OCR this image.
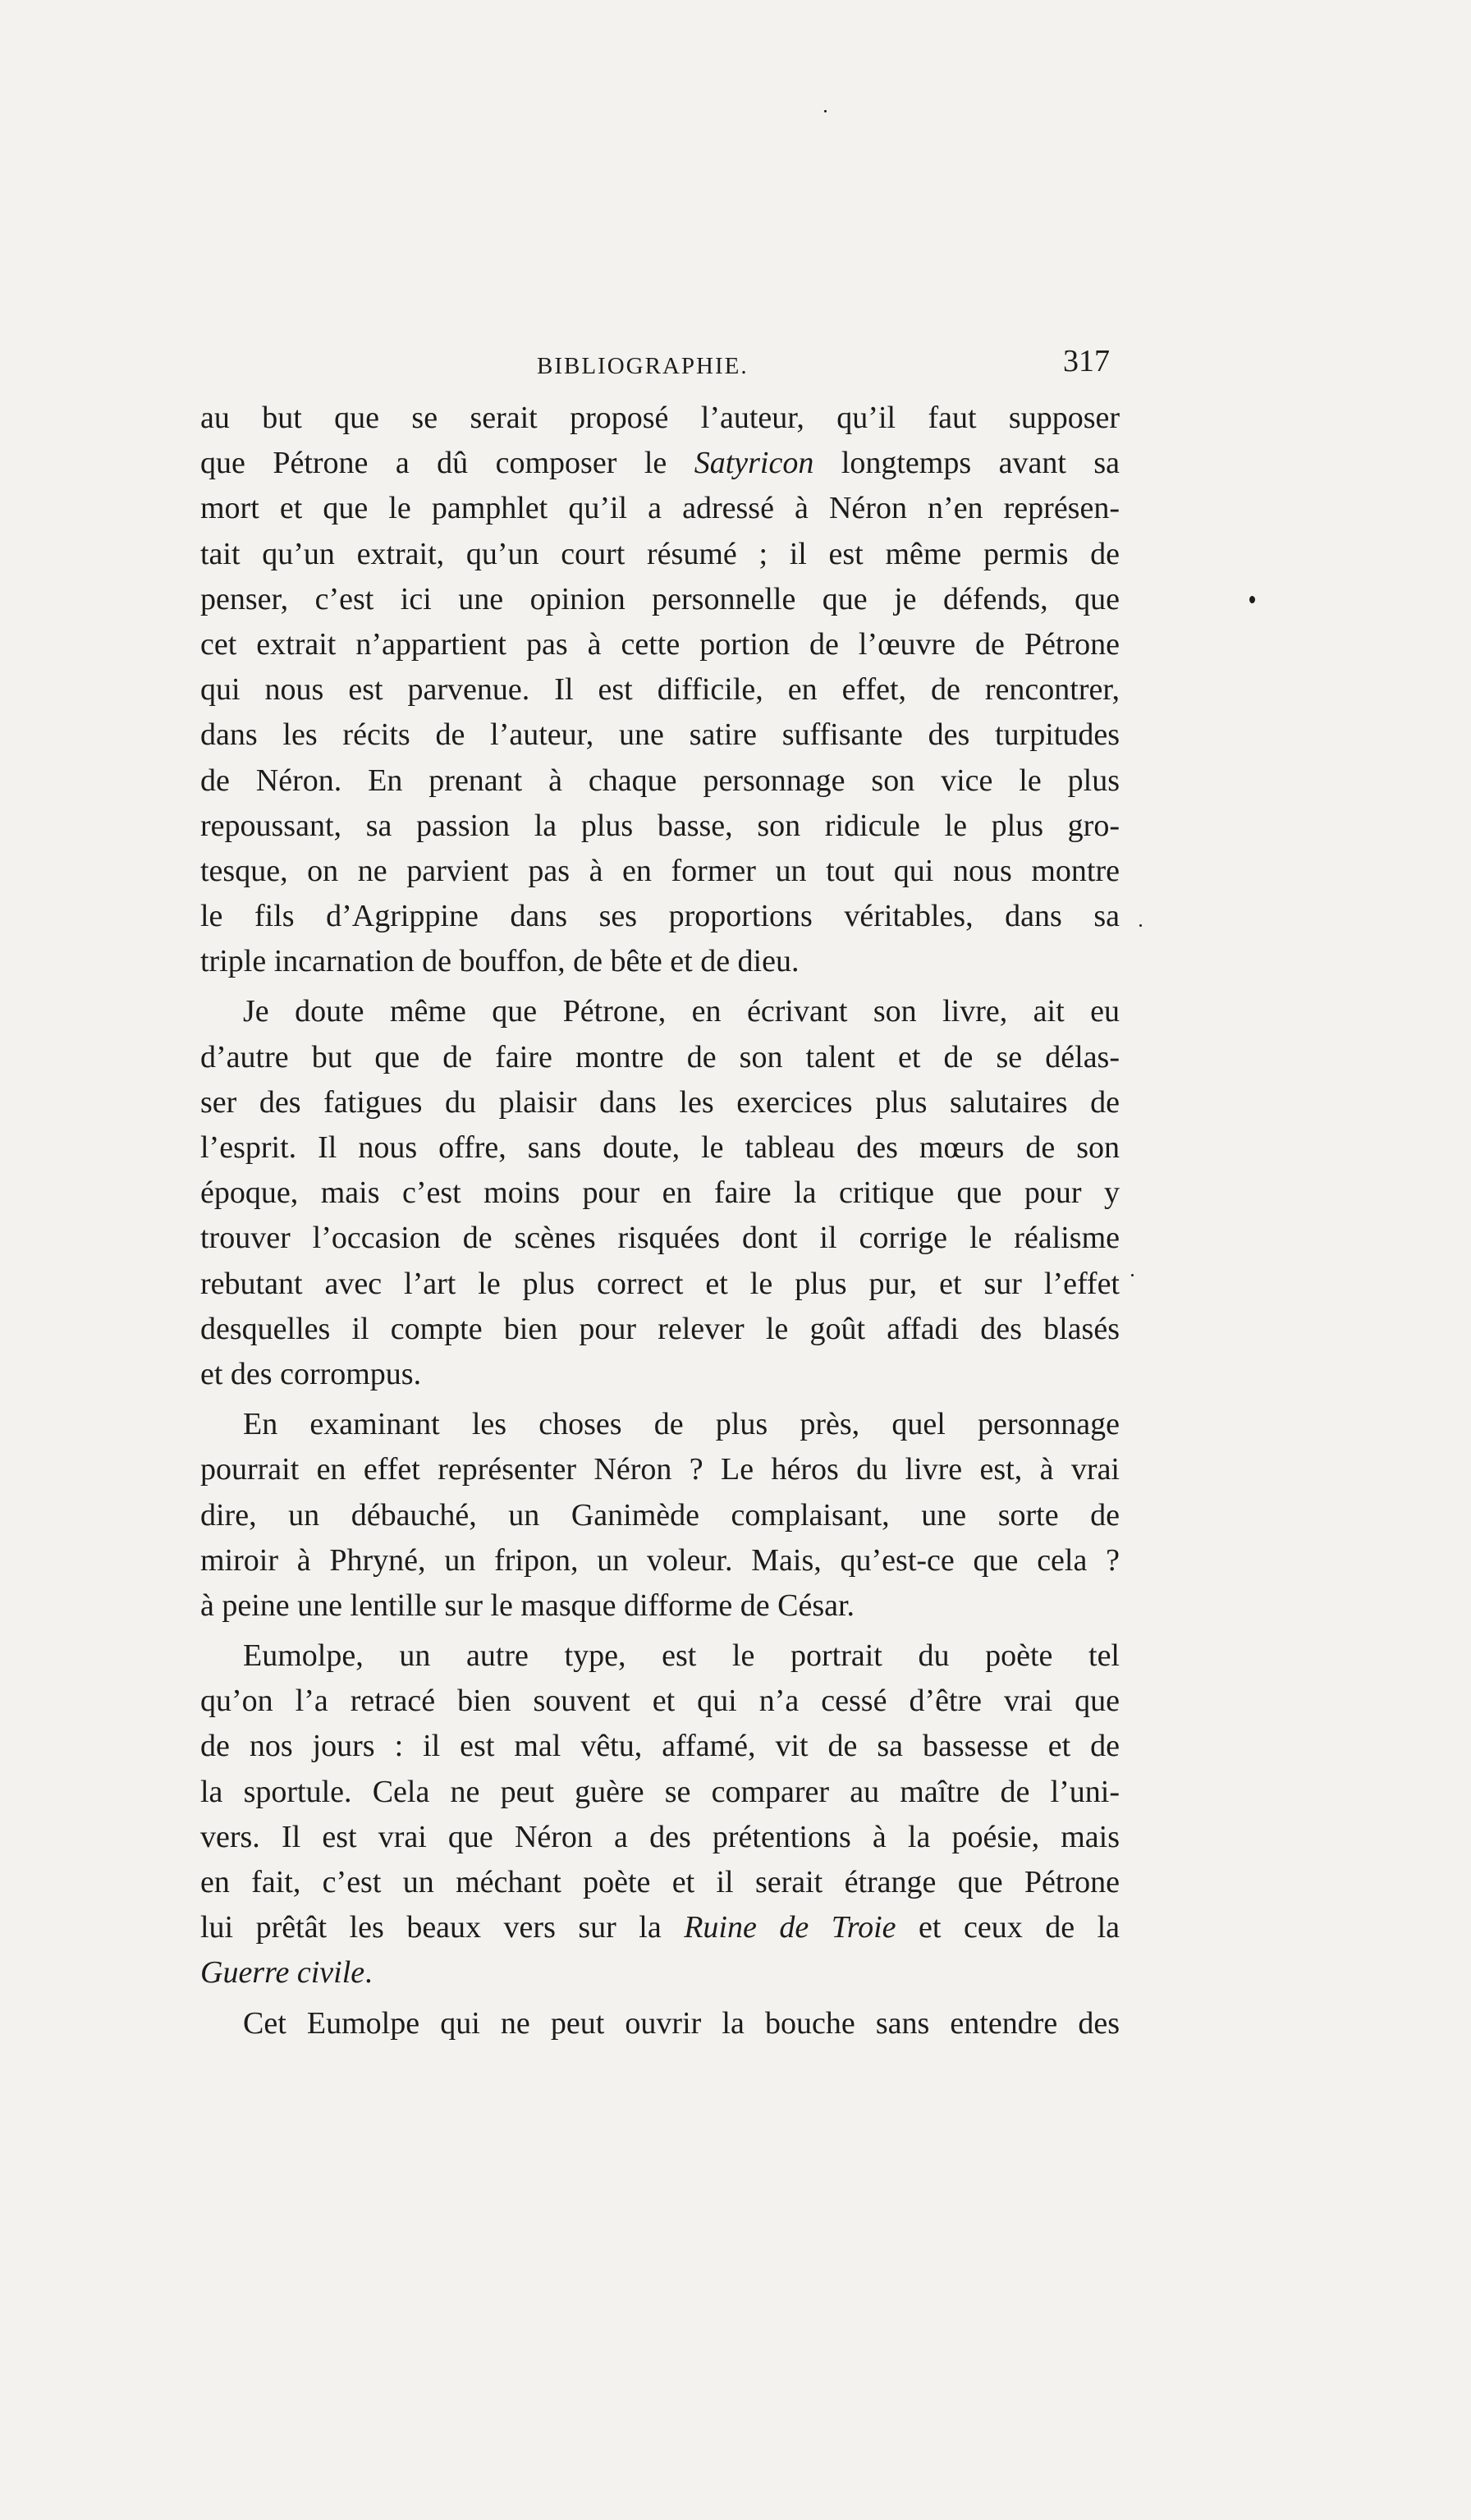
BIBLIOGRAPHIE.	317
au but que se serait proposé l’auteur, qu’il faut supposer
que Pétrone a dû composer le Satyricon longtemps avant sa
mort et que le pamphlet qu’il a adressé à Néron n’en représen-
tait qu’un extrait, qu’un court résumé ; il est même permis de
penser, c’est ici une opinion personnelle que je défends, que
cet extrait n’appartient pas à cette portion de l’œuvre de Pétrone
qui nous est parvenue. Il est difficile, en effet, de rencontrer,
dans les récits de l’auteur, une satire suffisante des turpitudes
de Néron. En prenant à chaque personnage son vice le plus
repoussant, sa passion la plus basse, son ridicule le plus gro-
tesque, on ne parvient pas à en former un tout qui nous montre
le fils d’Agrippine dans ses proportions véritables, dans sa
triple incarnation de bouffon, de bête et de dieu.
Je doute même que Pétrone, en écrivant son livre, ait eu
d’autre but que de faire montre de son talent et de se délas-
ser des fatigues du plaisir dans les exercices plus salutaires de
l’esprit. Il nous offre, sans doute, le tableau des mœurs de son
époque, mais c’est moins pour en faire la critique que pour y
trouver l’occasion de scènes risquées dont il corrige le réalisme
rebutant avec l’art le plus correct et le plus pur, et sur l’effet
desquelles il compte bien pour relever le goût affadi des blasés
et des corrompus.
En examinant les choses de plus près, quel personnage
pourrait en effet représenter Néron ? Le héros du livre est, à vrai
dire, un débauché, un Ganimède complaisant, une sorte de
miroir à Phryné, un fripon, un voleur. Mais, qu’est-ce que cela ?
à peine une lentille sur le masque difforme de César.
Eumolpe, un autre type, est le portrait du poète tel
qu’on l’a retracé bien souvent et qui n’a cessé d’être vrai que
de nos jours : il est mal vêtu, affamé, vit de sa bassesse et de
la sportule. Cela ne peut guère se comparer au maître de l’uni-
vers. Il est vrai que Néron a des prétentions à la poésie, mais
en fait, c’est un méchant poète et il serait étrange que Pétrone
lui prêtât les beaux vers sur la Ruine de Troie et ceux de la
Guerre civile.
Cet Eumolpe qui ne peut ouvrir la bouche sans entendre des
